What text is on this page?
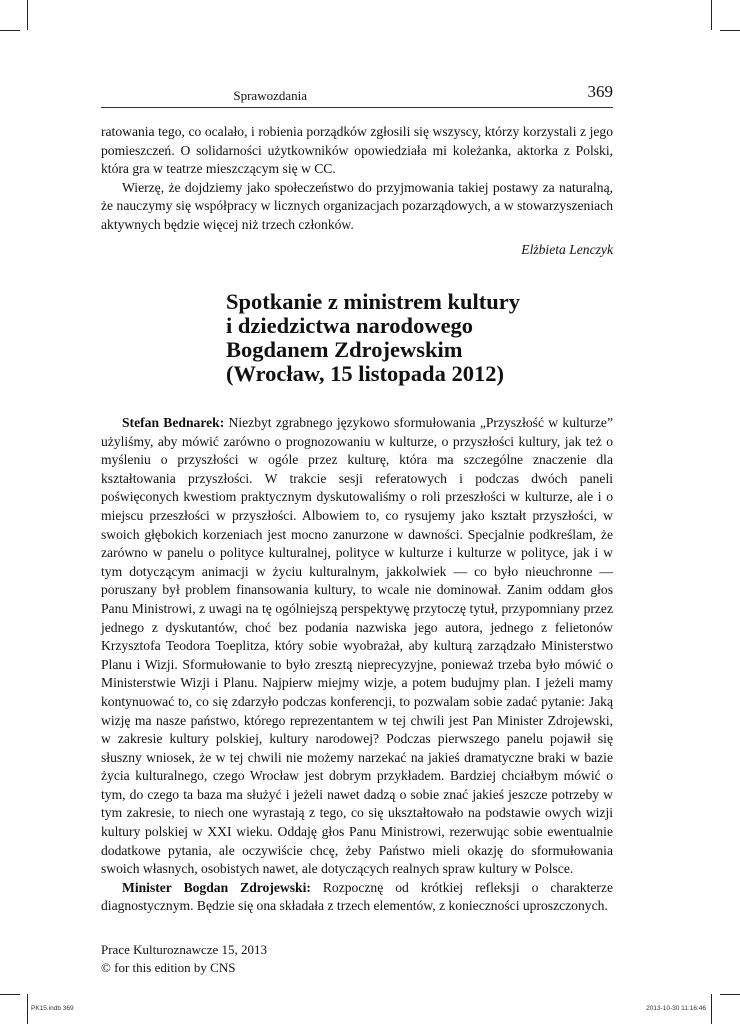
Sprawozdania	369

ratowania tego, co ocalało, i robienia porządków zgłosili się wszyscy, którzy korzystali z jego pomieszczeń. O solidarności użytkowników opowiedziała mi koleżanka, aktorka z Polski, która gra w teatrze mieszczącym się w CC.

Wierzę, że dojdziemy jako społeczeństwo do przyjmowania takiej postawy za naturalną, że nauczymy się współpracy w licznych organizacjach pozarządowych, a w stowarzyszeniach aktywnych będzie więcej niż trzech członków.

Elżbieta Lenczyk
Spotkanie z ministrem kultury
i dziedzictwa narodowego
Bogdanem Zdrojewskim
(Wrocław, 15 listopada 2012)

Stefan Bednarek: Niezbyt zgrabnego językowo sformułowania „Przyszłość w kulturze” użyliśmy, aby mówić zarówno o prognozowaniu w kulturze, o przyszłości kultury, jak też o myśleniu o przyszłości w ogóle przez kulturę, która ma szczególne znaczenie dla kształtowania przyszłości. W trakcie sesji referatowych i podczas dwóch paneli poświęconych kwestiom praktycznym dyskutowaliśmy o roli przeszłości w kulturze, ale i o miejscu przeszłości w przyszłości. Albowiem to, co rysujemy jako kształt przyszłości, w swoich głębokich korzeniach jest mocno zanurzone w dawności. Specjalnie podkreślam, że zarówno w panelu o polityce kulturalnej, polityce w kulturze i kulturze w polityce, jak i w tym dotyczącym animacji w życiu kulturalnym, jakkolwiek — co było nieuchronne — poruszany był problem finansowania kultury, to wcale nie dominował. Zanim oddam głos Panu Ministrowi, z uwagi na tę ogólniejszą perspektywę przytoczę tytuł, przypomniany przez jednego z dyskutantów, choć bez podania nazwiska jego autora, jednego z felietonów Krzysztofa Teodora Toeplitza, który sobie wyobrażał, aby kulturą zarządzało Ministerstwo Planu i Wizji. Sformułowanie to było zresztą nieprecyzyjne, ponieważ trzeba było mówić o Ministerstwie Wizji i Planu. Najpierw miejmy wizje, a potem budujmy plan. I jeżeli mamy kontynuować to, co się zdarzyło podczas konferencji, to pozwalam sobie zadać pytanie: Jaką wizję ma nasze państwo, którego reprezentantem w tej chwili jest Pan Minister Zdrojewski, w zakresie kultury polskiej, kultury narodowej? Podczas pierwszego panelu pojawił się słuszny wniosek, że w tej chwili nie możemy narzekać na jakieś dramatyczne braki w bazie życia kulturalnego, czego Wrocław jest dobrym przykładem. Bardziej chciałbym mówić o tym, do czego ta baza ma służyć i jeżeli nawet dadzą o sobie znać jakieś jeszcze potrzeby w tym zakresie, to niech one wyrastają z tego, co się ukształtowało na podstawie owych wizji kultury polskiej w XXI wieku. Oddaję głos Panu Ministrowi, rezerwując sobie ewentualnie dodatkowe pytania, ale oczywiście chcę, żeby Państwo mieli okazję do sformułowania swoich własnych, osobistych nawet, ale dotyczących realnych spraw kultury w Polsce.

Minister Bogdan Zdrojewski: Rozpocznę od krótkiej refleksji o charakterze diagnostycznym. Będzie się ona składała z trzech elementów, z konieczności uproszczonych.

Prace Kulturoznawcze 15, 2013
© for this edition by CNS
PK15.indb 369	2013-10-30 11:16:46
